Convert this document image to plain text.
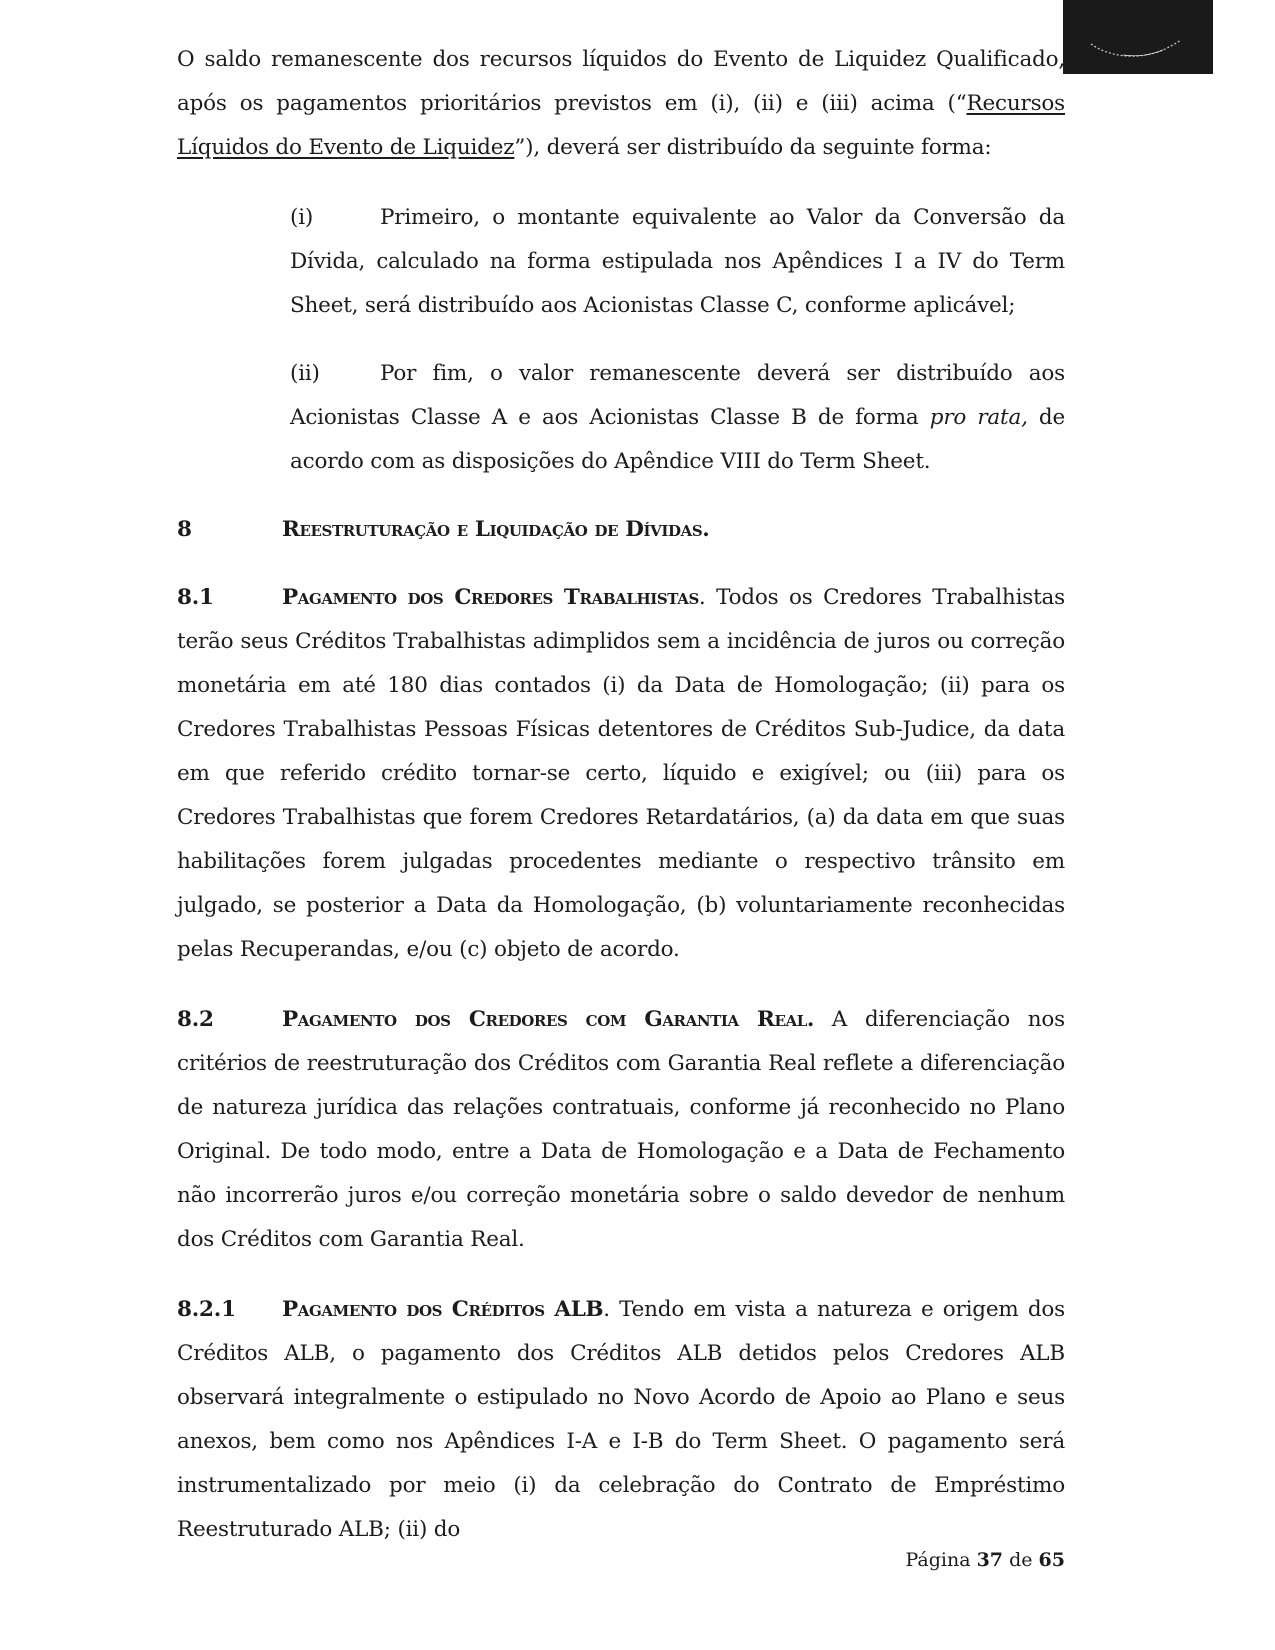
O saldo remanescente dos recursos líquidos do Evento de Liquidez Qualificado, após os pagamentos prioritários previstos em (i), (ii) e (iii) acima (“Recursos Líquidos do Evento de Liquidez”), deverá ser distribuído da seguinte forma:

(i)	Primeiro, o montante equivalente ao Valor da Conversão da Dívida, calculado na forma estipulada nos Apêndices I a IV do Term Sheet, será distribuído aos Acionistas Classe C, conforme aplicável;

(ii)	Por fim, o valor remanescente deverá ser distribuído aos Acionistas Classe A e aos Acionistas Classe B de forma pro rata, de acordo com as disposições do Apêndice VIII do Term Sheet.

8	Reestruturação e Liquidação de Dívidas.

8.1	Pagamento dos Credores Trabalhistas. Todos os Credores Trabalhistas terão seus Créditos Trabalhistas adimplidos sem a incidência de juros ou correção monetária em até 180 dias contados (i) da Data de Homologação; (ii) para os Credores Trabalhistas Pessoas Físicas detentores de Créditos Sub-Judice, da data em que referido crédito tornar-se certo, líquido e exigível; ou (iii) para os Credores Trabalhistas que forem Credores Retardatários, (a) da data em que suas habilitações forem julgadas procedentes mediante o respectivo trânsito em julgado, se posterior a Data da Homologação, (b) voluntariamente reconhecidas pelas Recuperandas, e/ou (c) objeto de acordo.

8.2	Pagamento dos Credores com Garantia Real. A diferenciação nos critérios de reestruturação dos Créditos com Garantia Real reflete a diferenciação de natureza jurídica das relações contratuais, conforme já reconhecido no Plano Original. De todo modo, entre a Data de Homologação e a Data de Fechamento não incorrerão juros e/ou correção monetária sobre o saldo devedor de nenhum dos Créditos com Garantia Real.

8.2.1 Pagamento dos Créditos ALB. Tendo em vista a natureza e origem dos Créditos ALB, o pagamento dos Créditos ALB detidos pelos Credores ALB observará integralmente o estipulado no Novo Acordo de Apoio ao Plano e seus anexos, bem como nos Apêndices I-A e I-B do Term Sheet. O pagamento será instrumentalizado por meio (i) da celebração do Contrato de Empréstimo Reestruturado ALB; (ii) do

Página 37 de 65
